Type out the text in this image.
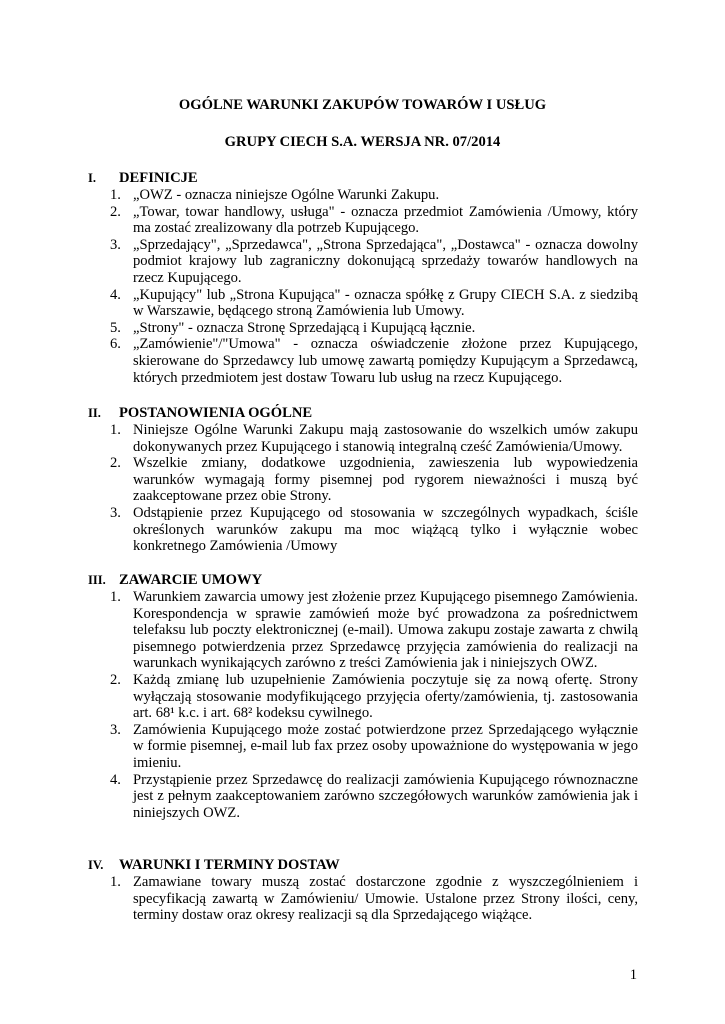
OGÓLNE WARUNKI ZAKUPÓW TOWARÓW I USŁUG

GRUPY CIECH S.A. WERSJA NR. 07/2014

I. DEFINICJE
1. „OWZ - oznacza niniejsze Ogólne Warunki Zakupu.
2. „Towar, towar handlowy, usługa" - oznacza przedmiot Zamówienia /Umowy, który ma zostać zrealizowany dla potrzeb Kupującego.
3. „Sprzedający", „Sprzedawca", „Strona Sprzedająca", „Dostawca" - oznacza dowolny podmiot krajowy lub zagraniczny dokonującą sprzedaży towarów handlowych na rzecz Kupującego.
4. „Kupujący" lub „Strona Kupująca" - oznacza spółkę z Grupy CIECH S.A. z siedzibą w Warszawie, będącego stroną Zamówienia lub Umowy.
5. „Strony" - oznacza Stronę Sprzedającą i Kupującą łącznie.
6. „Zamówienie"/"Umowa" - oznacza oświadczenie złożone przez Kupującego, skierowane do Sprzedawcy lub umowę zawartą pomiędzy Kupującym a Sprzedawcą, których przedmiotem jest dostaw Towaru lub usług na rzecz Kupującego.
II. POSTANOWIENIA OGÓLNE
1. Niniejsze Ogólne Warunki Zakupu mają zastosowanie do wszelkich umów zakupu dokonywanych przez Kupującego i stanowią integralną cześć Zamówienia/Umowy.
2. Wszelkie zmiany, dodatkowe uzgodnienia, zawieszenia lub wypowiedzenia warunków wymagają formy pisemnej pod rygorem nieważności i muszą być zaakceptowane przez obie Strony.
3. Odstąpienie przez Kupującego od stosowania w szczególnych wypadkach, ściśle określonych warunków zakupu ma moc wiążącą tylko i wyłącznie wobec konkretnego Zamówienia /Umowy
III. ZAWARCIE UMOWY
1. Warunkiem zawarcia umowy jest złożenie przez Kupującego pisemnego Zamówienia. Korespondencja w sprawie zamówień może być prowadzona za pośrednictwem telefaksu lub poczty elektronicznej (e-mail). Umowa zakupu zostaje zawarta z chwilą pisemnego potwierdzenia przez Sprzedawcę przyjęcia zamówienia do realizacji na warunkach wynikających zarówno z treści Zamówienia jak i niniejszych OWZ.
2. Każdą zmianę lub uzupełnienie Zamówienia poczytuje się za nową ofertę. Strony wyłączają stosowanie modyfikującego przyjęcia oferty/zamówienia, tj. zastosowania art. 68¹ k.c. i art. 68² kodeksu cywilnego.
3. Zamówienia Kupującego może zostać potwierdzone przez Sprzedającego wyłącznie w formie pisemnej, e-mail lub fax przez osoby upoważnione do występowania w jego imieniu.
4. Przystąpienie przez Sprzedawcę do realizacji zamówienia Kupującego równoznaczne jest z pełnym zaakceptowaniem zarówno szczegółowych warunków zamówienia jak i niniejszych OWZ.
IV. WARUNKI I TERMINY DOSTAW
1. Zamawiane towary muszą zostać dostarczone zgodnie z wyszczególnieniem i specyfikacją zawartą w Zamówieniu/ Umowie. Ustalone przez Strony ilości, ceny, terminy dostaw oraz okresy realizacji są dla Sprzedającego wiążące.
1
